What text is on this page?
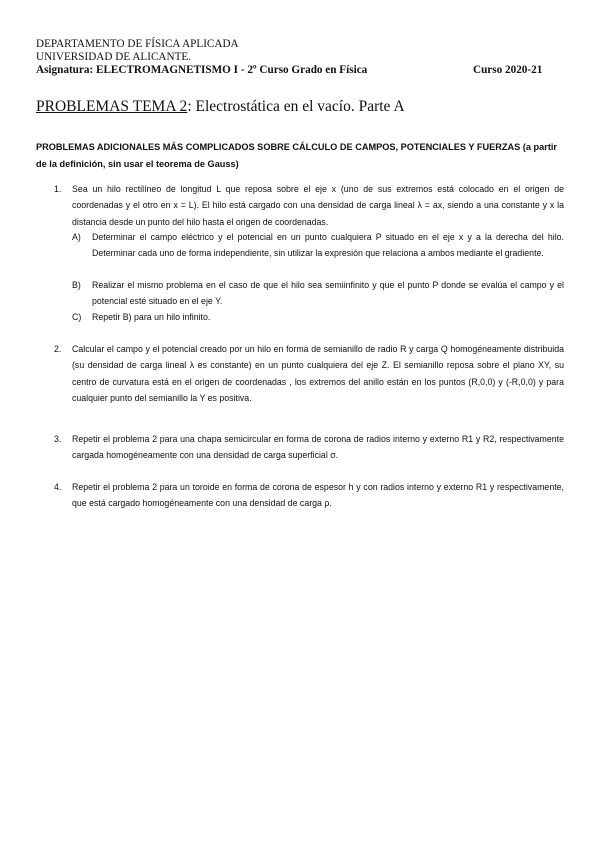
DEPARTAMENTO DE FÍSICA APLICADA
UNIVERSIDAD DE ALICANTE.
Asignatura: ELECTROMAGNETISMO I - 2º Curso Grado en Física	Curso 2020-21
PROBLEMAS TEMA 2: Electrostática en el vacío. Parte A
PROBLEMAS ADICIONALES MÁS COMPLICADOS SOBRE CÁLCULO DE CAMPOS, POTENCIALES Y FUERZAS (a partir de la definición, sin usar el teorema de Gauss)
1. Sea un hilo rectilíneo de longitud L que reposa sobre el eje x (uno de sus extremos está colocado en el origen de coordenadas y el otro en x = L). El hilo está cargado con una densidad de carga lineal λ = ax, siendo a una constante y x la distancia desde un punto del hilo hasta el origen de coordenadas.
A) Determinar el campo eléctrico y el potencial en un punto cualquiera P situado en el eje x y a la derecha del hilo. Determinar cada uno de forma independiente, sin utilizar la expresión que relaciona a ambos mediante el gradiente.
B) Realizar el mismo problema en el caso de que el hilo sea semiinfinito y que el punto P donde se evalúa el campo y el potencial esté situado en el eje Y.
C) Repetir B) para un hilo infinito.
2. Calcular el campo y el potencial creado por un hilo en forma de semianillo de radio R y carga Q homogéneamente distribuida (su densidad de carga lineal λ es constante) en un punto cualquiera del eje Z. El semianillo reposa sobre el plano XY, su centro de curvatura está en el origen de coordenadas , los extremos del anillo están en los puntos (R,0,0) y (-R,0,0) y para cualquier punto del semianillo la Y es positiva.
3. Repetir el problema 2 para una chapa semicircular en forma de corona de radios interno y externo R1 y R2, respectivamente cargada homogéneamente con una densidad de carga superficial σ.
4. Repetir el problema 2 para un toroide en forma de corona de espesor h y con radios interno y externo R1 y respectivamente, que está cargado homogéneamente con una densidad de carga ρ.
